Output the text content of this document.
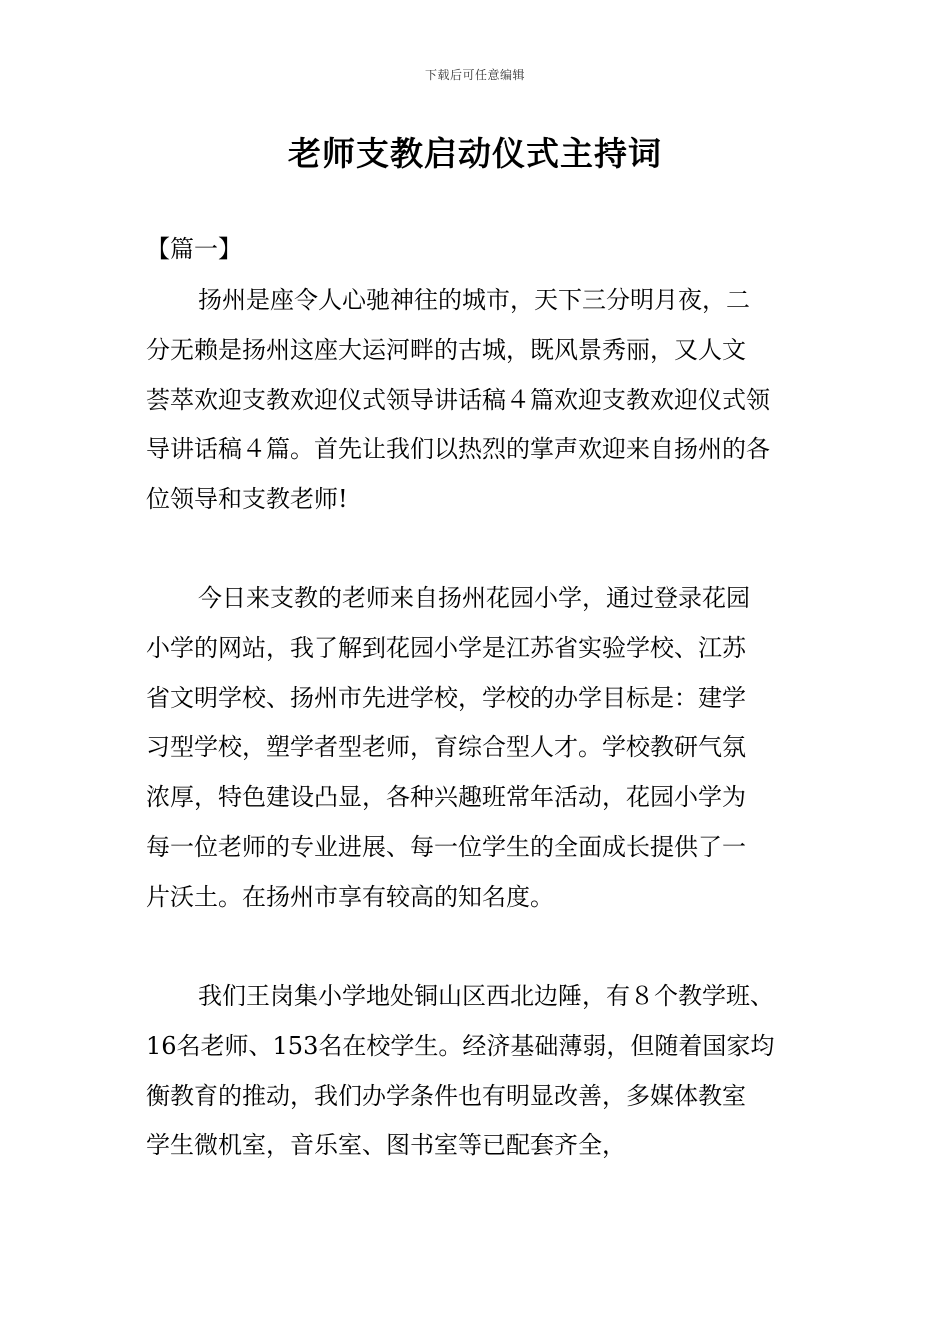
下载后可任意编辑
老师支教启动仪式主持词
【篇一】

扬州是座令人心驰神往的城市，天下三分明月夜，二
分无赖是扬州这座大运河畔的古城，既风景秀丽，又人文
荟萃欢迎支教欢迎仪式领导讲话稿４篇欢迎支教欢迎仪式领
导讲话稿４篇。首先让我们以热烈的掌声欢迎来自扬州的各
位领导和支教老师!

今日来支教的老师来自扬州花园小学，通过登录花园
小学的网站，我了解到花园小学是江苏省实验学校、江苏
省文明学校、扬州市先进学校，学校的办学目标是：建学
习型学校，塑学者型老师，育综合型人才。学校教研气氛
浓厚，特色建设凸显，各种兴趣班常年活动，花园小学为
每一位老师的专业进展、每一位学生的全面成长提供了一
片沃土。在扬州市享有较高的知名度。

我们王岗集小学地处铜山区西北边陲，有８个教学班、
16名老师、153名在校学生。经济基础薄弱，但随着国家均
衡教育的推动，我们办学条件也有明显改善，多媒体教室
学生微机室，音乐室、图书室等已配套齐全，
